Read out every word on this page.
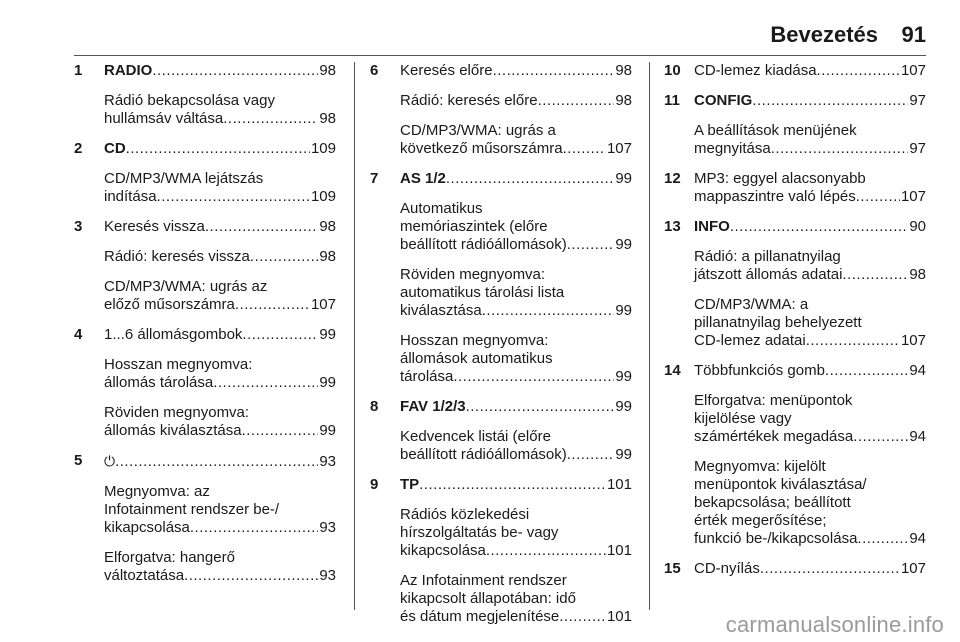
Bevezetés 91
1 RADIO .....	98
Rádió bekapcsolása vagy
hullámsáv váltása .....	98
2 CD .....	109
CD/MP3/WMA lejátszás
indítása .....	109
3 Keresés vissza .....	98
Rádió: keresés vissza .....	98
CD/MP3/WMA: ugrás az
előző műsorszámra .....	107
4 1...6 állomásgombok .....	99
Hosszan megnyomva:
állomás tárolása .....	99
Röviden megnyomva:
állomás kiválasztása .....	99
5 ⏻ .....	93
Megnyomva: az
Infotainment rendszer be-/
kikapcsolása .....	93
Elforgatva: hangerő
változtatása .....	93
6 Keresés előre .....	98
Rádió: keresés előre .....	98
CD/MP3/WMA: ugrás a
következő műsorszámra .....	107
7 AS 1/2 .....	99
Automatikus
memóriaszintek (előre
beállított rádióállomások) .....	99
Röviden megnyomva:
automatikus tárolási lista
kiválasztása .....	99
Hosszan megnyomva:
állomások automatikus
tárolása .....	99
8 FAV 1/2/3 .....	99
Kedvencek listái (előre
beállított rádióállomások) .....	99
9 TP .....	101
Rádiós közlekedési
hírszolgáltatás be- vagy
kikapcsolása .....	101
Az Infotainment rendszer
kikapcsolt állapotában: idő
és dátum megjelenítése .....	101
10 CD-lemez kiadása .....	107
11 CONFIG .....	97
A beállítások menüjének
megnyitása .....	97
12 MP3: eggyel alacsonyabb
mappaszintre való lépés .....	107
13 INFO .....	90
Rádió: a pillanatnyilag
játszott állomás adatai .....	98
CD/MP3/WMA: a
pillanatnyilag behelyezett
CD-lemez adatai .....	107
14 Többfunkciós gomb .....	94
Elforgatva: menüpontok
kijelölése vagy
számértékek megadása .....	94
Megnyomva: kijelölt
menüpontok kiválasztása/
bekapcsolása; beállított
érték megerősítése;
funkció be-/kikapcsolása .....	94
15 CD-nyílás .....	107
carmanualsonline.info
